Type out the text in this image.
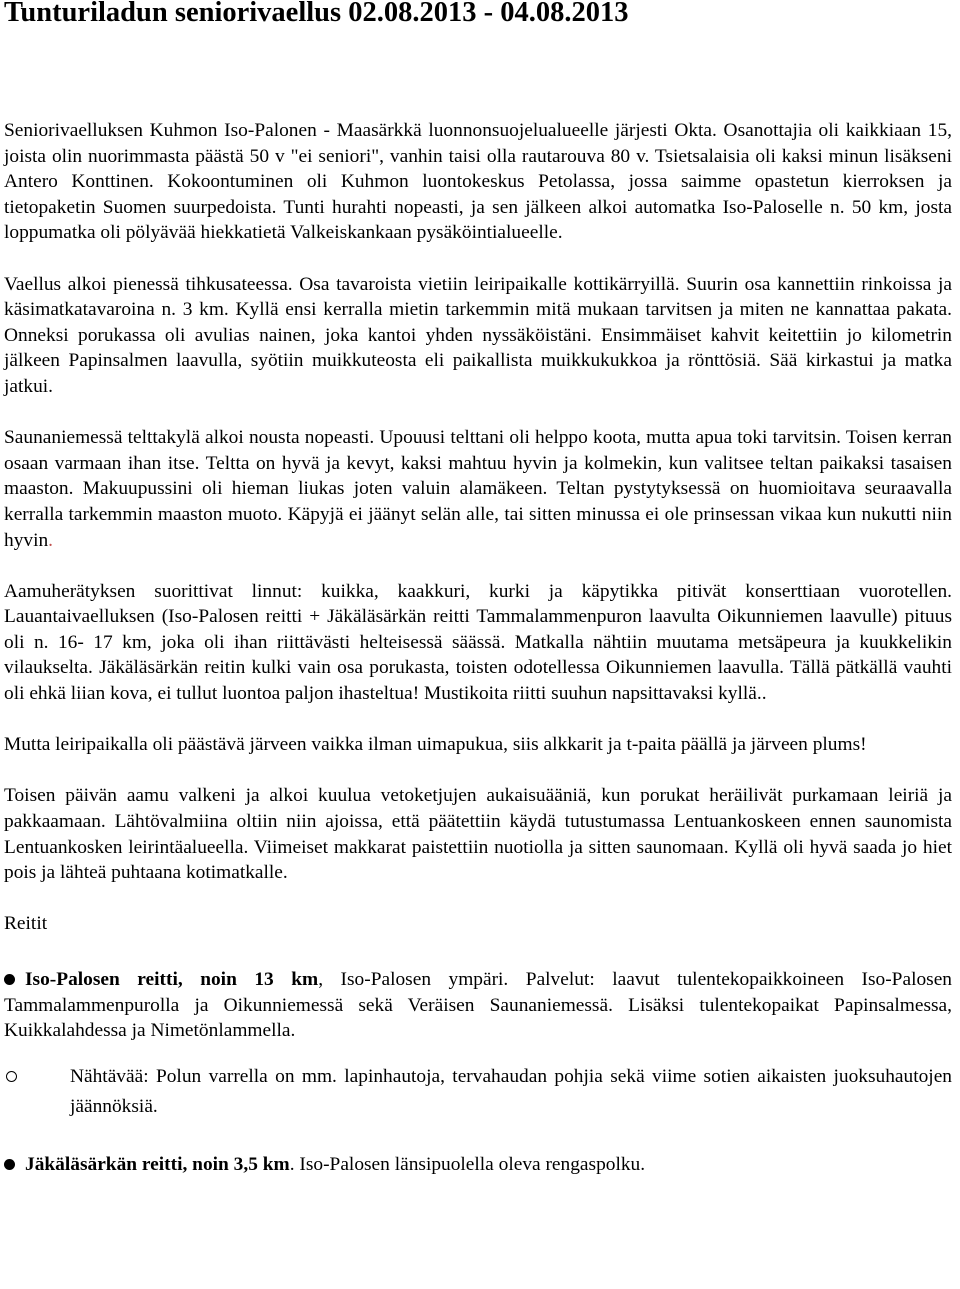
Tunturiladun seniorivaellus 02.08.2013 - 04.08.2013

Seniorivaelluksen Kuhmon Iso-Palonen - Maasärkkä luonnonsuojelualueelle järjesti Okta. Osanottajia oli kaikkiaan 15, joista olin nuorimmasta päästä 50 v "ei seniori", vanhin taisi olla rautarouva 80 v. Tsietsalaisia oli kaksi minun lisäkseni Antero Konttinen. Kokoontuminen oli Kuhmon luontokeskus Petolassa, jossa saimme opastetun kierroksen ja tietopaketin Suomen suurpedoista. Tunti hurahti nopeasti, ja sen jälkeen alkoi automatka Iso-Paloselle n. 50 km, josta loppumatka oli pölyävää hiekkatietä Valkeiskankaan pysäköintialueelle.

Vaellus alkoi pienessä tihkusateessa. Osa tavaroista vietiin leiripaikalle kottikärryillä. Suurin osa kannettiin rinkoissa ja käsimatkatavaroina n. 3 km. Kyllä ensi kerralla mietin tarkemmin mitä mukaan tarvitsen ja miten ne kannattaa pakata. Onneksi porukassa oli avulias nainen, joka kantoi yhden nyssäköistäni. Ensimmäiset kahvit keitettiin jo kilometrin jälkeen Papinsalmen laavulla, syötiin muikkuteosta eli paikallista muikkukukkoa ja rönttösiä. Sää kirkastui ja matka jatkui.

Saunaniemessä telttakylä alkoi nousta nopeasti. Upouusi telttani oli helppo koota, mutta apua toki tarvitsin. Toisen kerran osaan varmaan ihan itse. Teltta on hyvä ja kevyt, kaksi mahtuu hyvin ja kolmekin, kun valitsee teltan paikaksi tasaisen maaston. Makuupussini oli hieman liukas joten valuin alamäkeen. Teltan pystytyksessä on huomioitava seuraavalla kerralla tarkemmin maaston muoto. Käpyjä ei jäänyt selän alle, tai sitten minussa ei ole prinsessan vikaa kun nukutti niin hyvin.

Aamuherätyksen suorittivat linnut: kuikka, kaakkuri, kurki ja käpytikka pitivät konserttiaan vuorotellen. Lauantaivaelluksen (Iso-Palosen reitti + Jäkäläsärkän reitti Tammalammenpuron laavulta Oikunniemen laavulle) pituus oli n. 16- 17 km, joka oli ihan riittävästi helteisessä säässä. Matkalla nähtiin muutama metsäpeura ja kuukkelikin vilaukselta. Jäkäläsärkän reitin kulki vain osa porukasta, toisten odotellessa Oikunniemen laavulla. Tällä pätkällä vauhti oli ehkä liian kova, ei tullut luontoa paljon ihasteltua! Mustikoita riitti suuhun napsittavaksi kyllä..

Mutta leiripaikalla oli päästävä järveen vaikka ilman uimapukua, siis alkkarit ja t-paita päällä ja järveen plums!

Toisen päivän aamu valkeni ja alkoi kuulua vetoketjujen aukaisuääniä, kun porukat heräilivät purkamaan leiriä ja pakkaamaan. Lähtövalmiina oltiin niin ajoissa, että päätettiin käydä tutustumassa Lentuankoskeen ennen saunomista Lentuankosken leirintäalueella. Viimeiset makkarat paistettiin nuotiolla ja sitten saunomaan. Kyllä oli hyvä saada jo hiet pois ja lähteä puhtaana kotimatkalle.

Reitit

Iso-Palosen reitti, noin 13 km, Iso-Palosen ympäri. Palvelut: laavut tulentekopaikkoineen Iso-Palosen Tammalammenpurolla ja Oikunniemessä sekä Veräisen Saunaniemessä. Lisäksi tulentekopaikat Papinsalmessa, Kuikkalahdessa ja Nimetönlammella.
Nähtävää: Polun varrella on mm. lapinhautoja, tervahaudan pohjia sekä viime sotien aikaisten juoksuhautojen jäännöksiä.
Jäkäläsärkän reitti, noin 3,5 km. Iso-Palosen länsipuolella oleva rengaspolku.
